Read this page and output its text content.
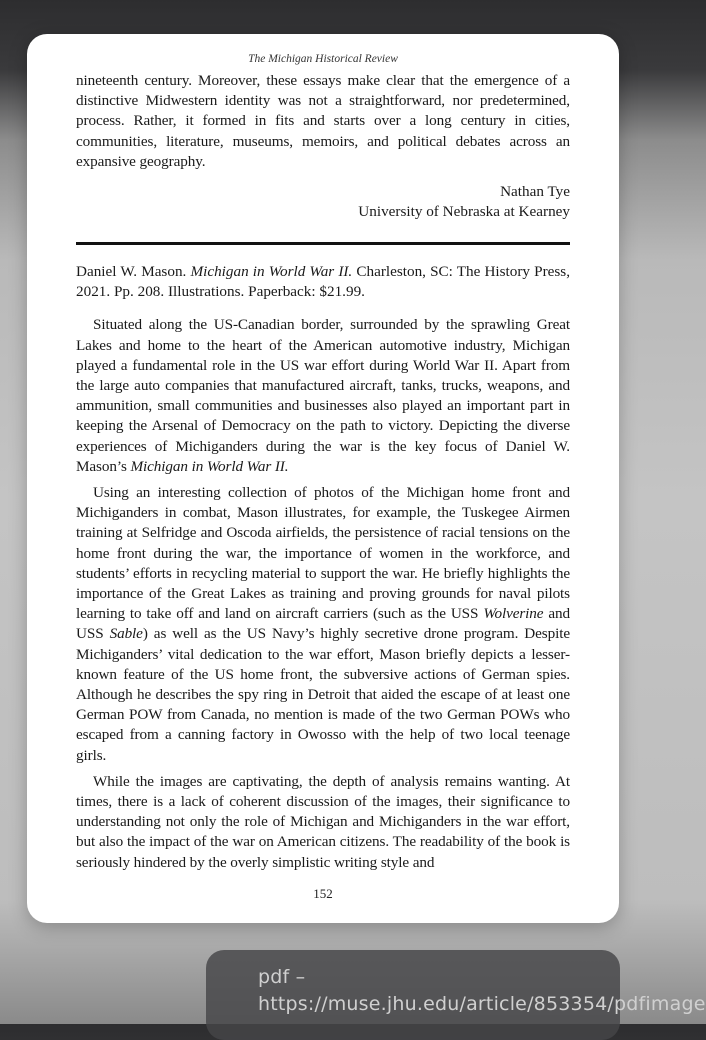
The Michigan Historical Review

nineteenth century. Moreover, these essays make clear that the emergence of a distinctive Midwestern identity was not a straightforward, nor predetermined, process. Rather, it formed in fits and starts over a long century in cities, communities, literature, museums, memoirs, and political debates across an expansive geography.

Nathan Tye
University of Nebraska at Kearney

Daniel W. Mason. Michigan in World War II. Charleston, SC: The History Press, 2021. Pp. 208. Illustrations. Paperback: $21.99.

Situated along the US-Canadian border, surrounded by the sprawling Great Lakes and home to the heart of the American automotive industry, Michigan played a fundamental role in the US war effort during World War II. Apart from the large auto companies that manufactured aircraft, tanks, trucks, weapons, and ammunition, small communities and businesses also played an important part in keeping the Arsenal of Democracy on the path to victory. Depicting the diverse experiences of Michiganders during the war is the key focus of Daniel W. Mason’s Michigan in World War II.

Using an interesting collection of photos of the Michigan home front and Michiganders in combat, Mason illustrates, for example, the Tuskegee Airmen training at Selfridge and Oscoda airfields, the persistence of racial tensions on the home front during the war, the importance of women in the workforce, and students’ efforts in recycling material to support the war. He briefly highlights the importance of the Great Lakes as training and proving grounds for naval pilots learning to take off and land on aircraft carriers (such as the USS Wolverine and USS Sable) as well as the US Navy’s highly secretive drone program. Despite Michiganders’ vital dedication to the war effort, Mason briefly depicts a lesser-known feature of the US home front, the subversive actions of German spies. Although he describes the spy ring in Detroit that aided the escape of at least one German POW from Canada, no mention is made of the two German POWs who escaped from a canning factory in Owosso with the help of two local teenage girls.

While the images are captivating, the depth of analysis remains wanting. At times, there is a lack of coherent discussion of the images, their significance to understanding not only the role of Michigan and Michiganders in the war effort, but also the impact of the war on American citizens. The readability of the book is seriously hindered by the overly simplistic writing style and

152
pdf – https://muse.jhu.edu/article/853354/pdfimage
